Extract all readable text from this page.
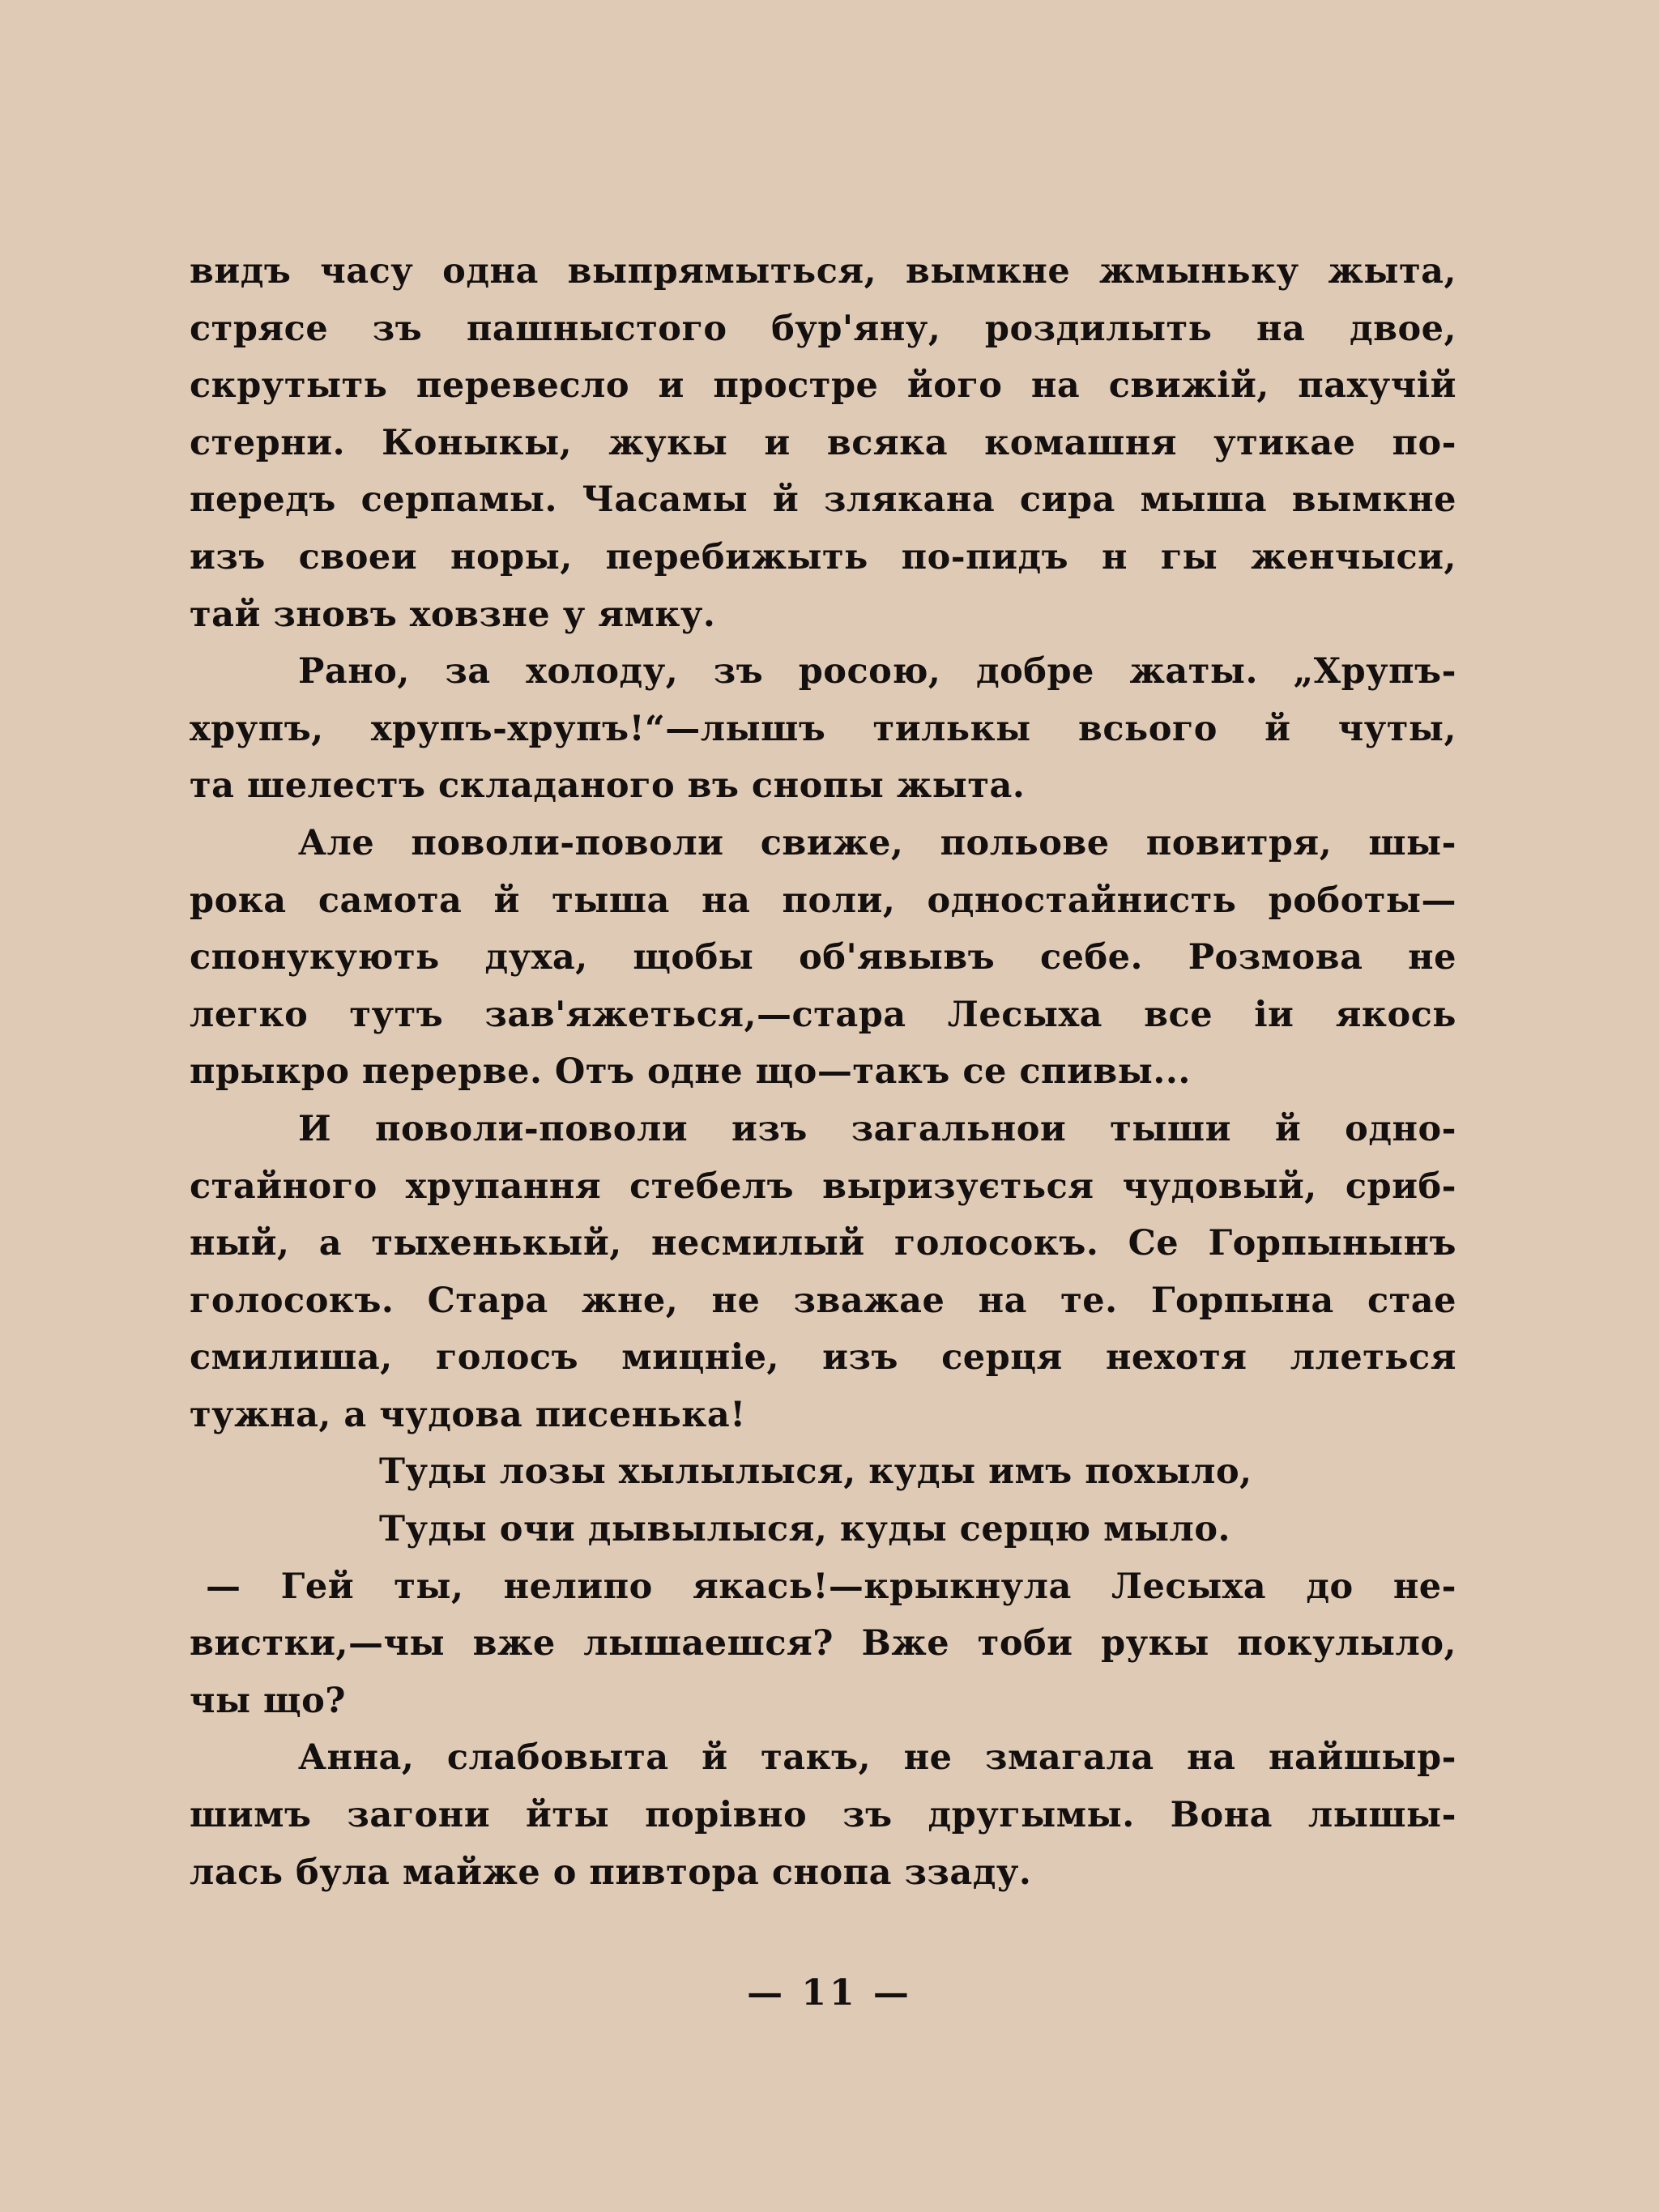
видъ часу одна выпрямыться, вымкне жмыньку жыта,
стрясе зъ пашныстого бур'яну, роздилыть на двое,
скрутыть перевесло и простре його на свижій, пахучій
стерни. Коныкы, жукы и всяка комашня утикае по-
передъ серпамы. Часамы й злякана сира мыша вымкне
изъ своеи норы, перебижыть по-пидъ н гы женчыси,
тай зновъ ховзне у ямку.
Рано, за холоду, зъ росою, добре жаты. „Хрупъ-
хрупъ, хрупъ-хрупъ!“—лышъ тилькы всього й чуты,
та шелестъ складаного въ снопы жыта.
Але поволи-поволи свиже, польове повитря, шы-
рока самота й тыша на поли, одностайнисть роботы—
спонукують духа, щобы об'явывъ себе. Розмова не
легко тутъ зав'яжеться,—стара Лесыха все іи якось
прыкро перерве. Отъ одне що—такъ се спивы...
И поволи-поволи изъ загальнои тыши й одно-
стайного хрупання стебелъ выризується чудовый, сриб-
ный, а тыхенькый, несмилый голосокъ. Се Горпынынъ
голосокъ. Стара жне, не зважае на те. Горпына стае
смилиша, голосъ мицніе, изъ серця нехотя ллеться
тужна, а чудова писенька!
Туды лозы хылылыся, куды имъ похыло,
Туды очи дывылыся, куды серцю мыло.
— Гей ты, нелипо якась!—крыкнула Лесыха до не-
вистки,—чы вже лышаешся? Вже тоби рукы покулыло,
чы що?
Анна, слабовыта й такъ, не змагала на найшыр-
шимъ загони йты порівно зъ другымы. Вона лышы-
лась була майже о пивтора снопа ззаду.
— 11 —
